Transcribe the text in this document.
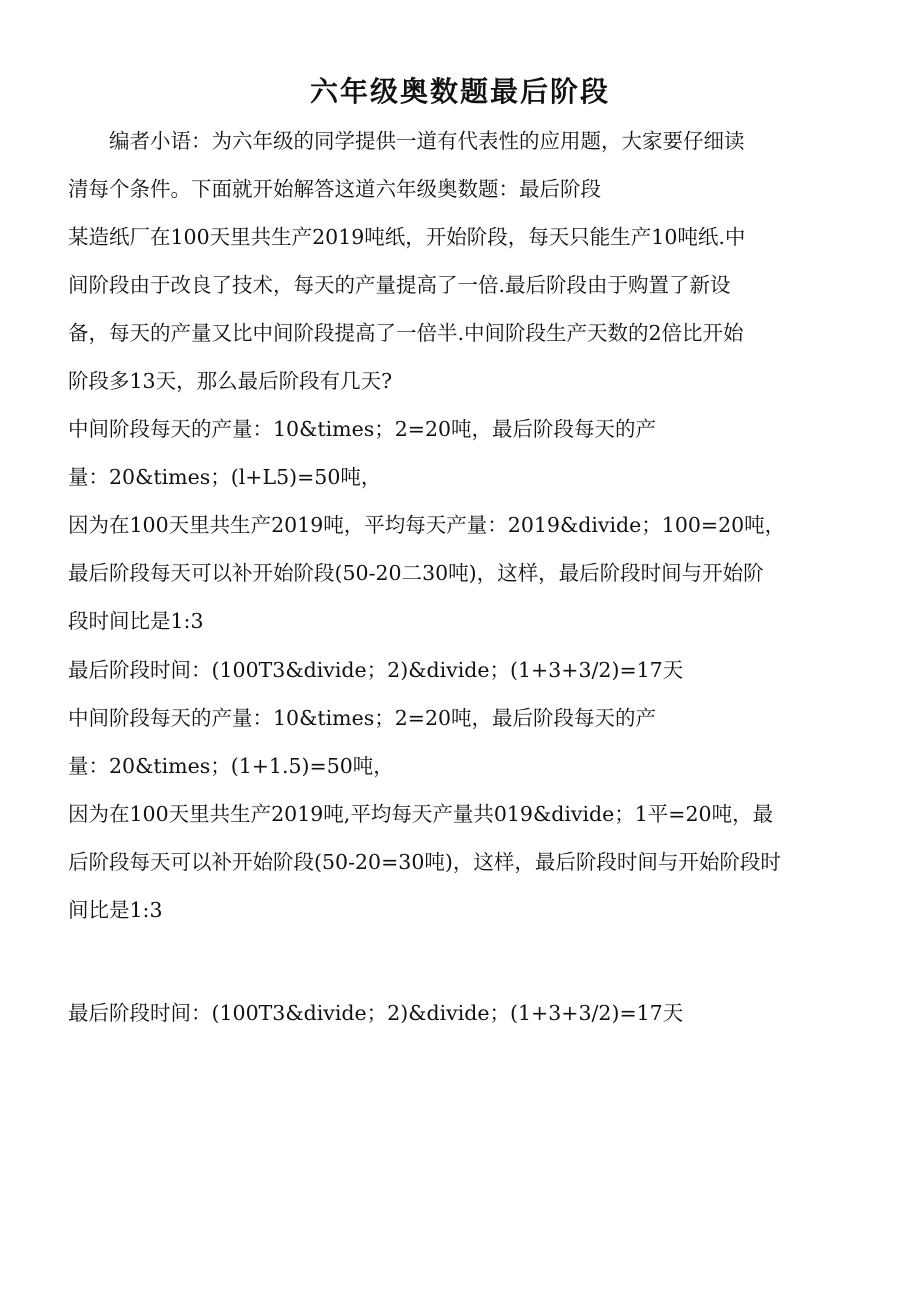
六年级奥数题最后阶段
　　编者小语：为六年级的同学提供一道有代表性的应用题，大家要仔细读
清每个条件。下面就开始解答这道六年级奥数题：最后阶段
某造纸厂在100天里共生产2019吨纸，开始阶段，每天只能生产10吨纸.中
间阶段由于改良了技术，每天的产量提高了一倍.最后阶段由于购置了新设
备，每天的产量又比中间阶段提高了一倍半.中间阶段生产天数的2倍比开始
阶段多13天，那么最后阶段有几天?
中间阶段每天的产量：10&times；2=20吨，最后阶段每天的产
量：20&times；(l+L5)=50吨，
因为在100天里共生产2019吨，平均每天产量：2019&divide；100=20吨，
最后阶段每天可以补开始阶段(50-20二30吨)，这样，最后阶段时间与开始阶
段时间比是1:3
最后阶段时间：(100T3&divide；2)&divide；(1+3+3/2)=17天
中间阶段每天的产量：10&times；2=20吨，最后阶段每天的产
量：20&times；(1+1.5)=50吨，
因为在100天里共生产2019吨,平均每天产量共019&divide；1平=20吨，最
后阶段每天可以补开始阶段(50-20=30吨)，这样，最后阶段时间与开始阶段时
间比是1:3
最后阶段时间：(100T3&divide；2)&divide；(1+3+3/2)=17天
